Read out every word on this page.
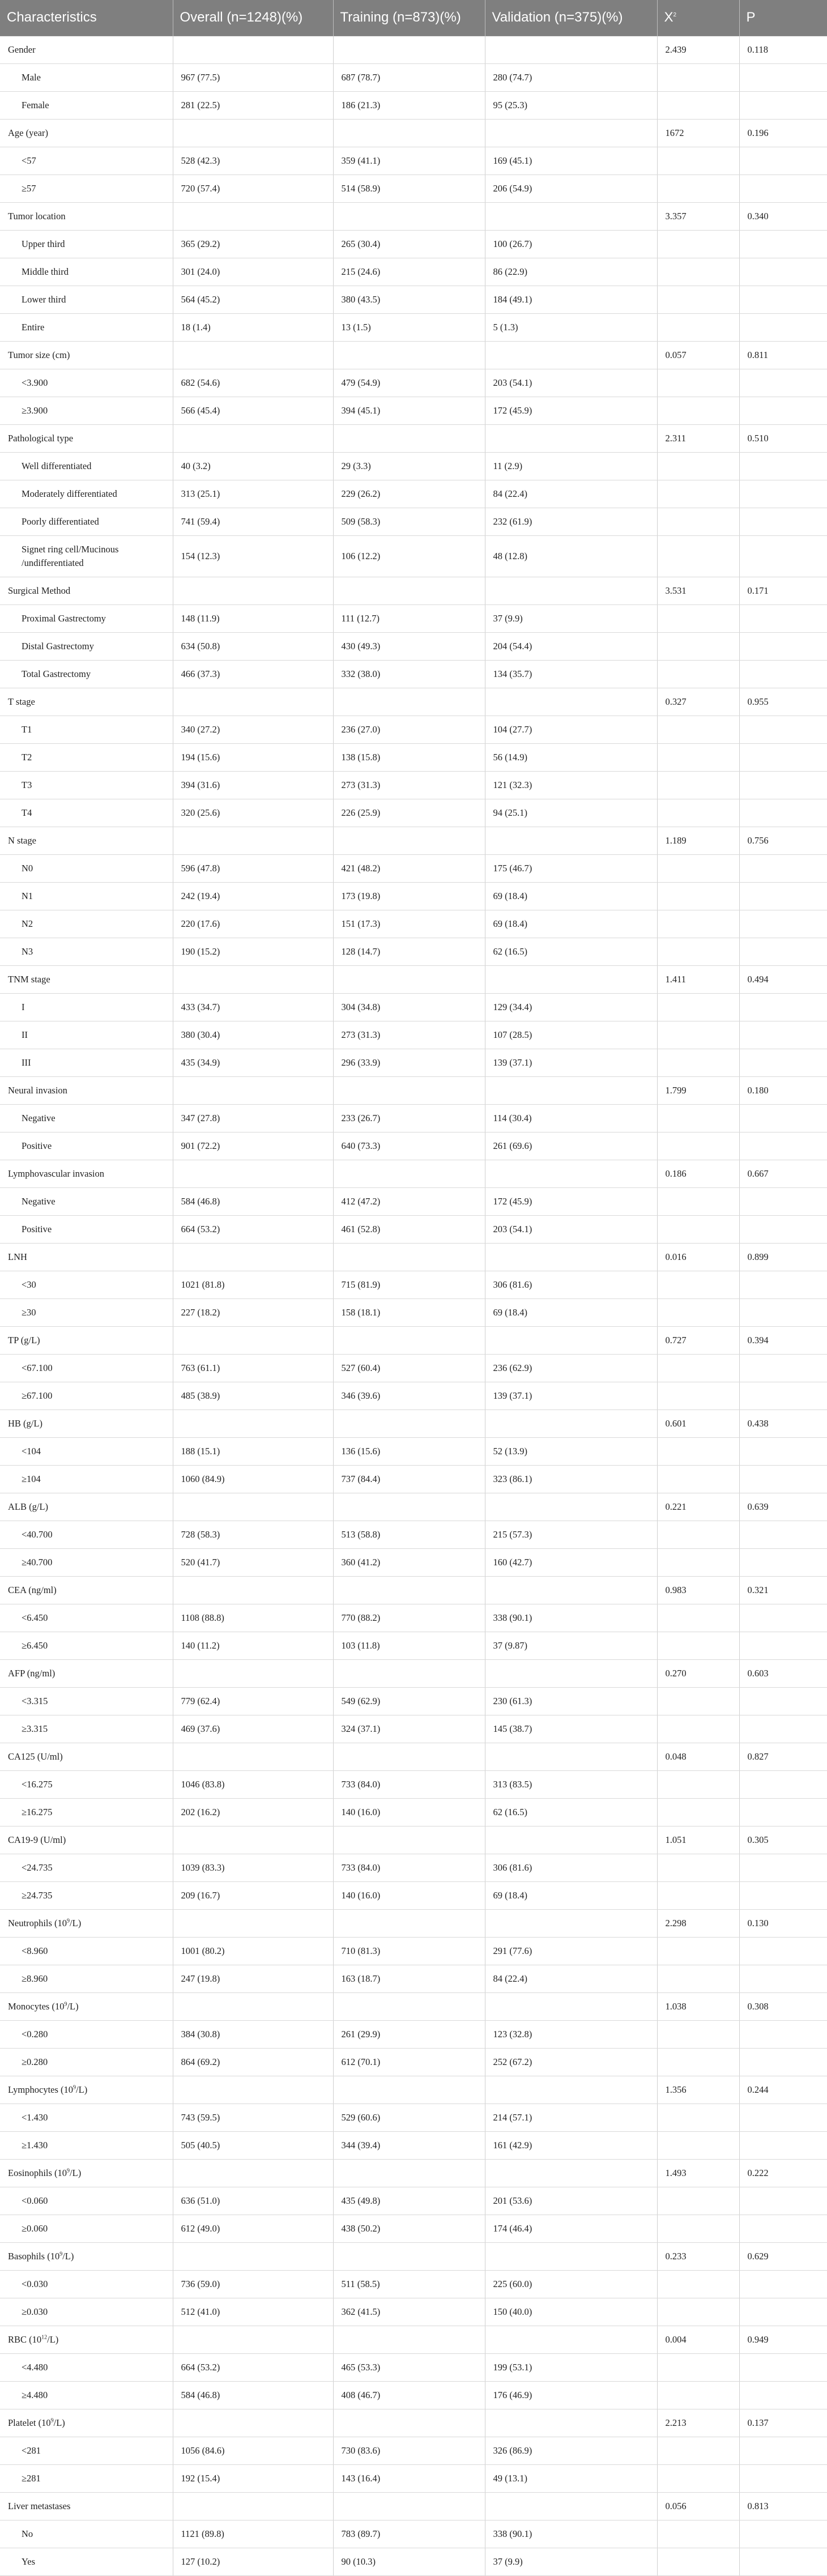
Characteristics	Overall (n=1248)(%)	Training (n=873)(%)	Validation (n=375)(%)	$X^2$	P
Gender				2.439	0.118
Male	967 (77.5)	687 (78.7)	280 (74.7)		
Female	281 (22.5)	186 (21.3)	95 (25.3)		
Age (year)				1672	0.196
<57	528 (42.3)	359 (41.1)	169 (45.1)		
≥57	720 (57.4)	514 (58.9)	206 (54.9)		
Tumor location				3.357	0.340
Upper third	365 (29.2)	265 (30.4)	100 (26.7)		
Middle third	301 (24.0)	215 (24.6)	86 (22.9)		
Lower third	564 (45.2)	380 (43.5)	184 (49.1)		
Entire	18 (1.4)	13 (1.5)	5 (1.3)		
Tumor size (cm)				0.057	0.811
<3.900	682 (54.6)	479 (54.9)	203 (54.1)		
≥3.900	566 (45.4)	394 (45.1)	172 (45.9)		
Pathological type				2.311	0.510
Well differentiated	40 (3.2)	29 (3.3)	11 (2.9)		
Moderately differentiated	313 (25.1)	229 (26.2)	84 (22.4)		
Poorly differentiated	741 (59.4)	509 (58.3)	232 (61.9)		
Signet ring cell/Mucinous /undifferentiated	154 (12.3)	106 (12.2)	48 (12.8)		
Surgical Method				3.531	0.171
Proximal Gastrectomy	148 (11.9)	111 (12.7)	37 (9.9)		
Distal Gastrectomy	634 (50.8)	430 (49.3)	204 (54.4)		
Total Gastrectomy	466 (37.3)	332 (38.0)	134 (35.7)		
T stage				0.327	0.955
T1	340 (27.2)	236 (27.0)	104 (27.7)		
T2	194 (15.6)	138 (15.8)	56 (14.9)		
T3	394 (31.6)	273 (31.3)	121 (32.3)		
T4	320 (25.6)	226 (25.9)	94 (25.1)		
N stage				1.189	0.756
N0	596 (47.8)	421 (48.2)	175 (46.7)		
N1	242 (19.4)	173 (19.8)	69 (18.4)		
N2	220 (17.6)	151 (17.3)	69 (18.4)		
N3	190 (15.2)	128 (14.7)	62 (16.5)		
TNM stage				1.411	0.494
I	433 (34.7)	304 (34.8)	129 (34.4)		
II	380 (30.4)	273 (31.3)	107 (28.5)		
III	435 (34.9)	296 (33.9)	139 (37.1)		
Neural invasion				1.799	0.180
Negative	347 (27.8)	233 (26.7)	114 (30.4)		
Positive	901 (72.2)	640 (73.3)	261 (69.6)		
Lymphovascular invasion				0.186	0.667
Negative	584 (46.8)	412 (47.2)	172 (45.9)		
Positive	664 (53.2)	461 (52.8)	203 (54.1)		
LNH				0.016	0.899
<30	1021 (81.8)	715 (81.9)	306 (81.6)		
≥30	227 (18.2)	158 (18.1)	69 (18.4)		
TP (g/L)				0.727	0.394
<67.100	763 (61.1)	527 (60.4)	236 (62.9)		
≥67.100	485 (38.9)	346 (39.6)	139 (37.1)		
HB (g/L)				0.601	0.438
<104	188 (15.1)	136 (15.6)	52 (13.9)		
≥104	1060 (84.9)	737 (84.4)	323 (86.1)		
ALB (g/L)				0.221	0.639
<40.700	728 (58.3)	513 (58.8)	215 (57.3)		
≥40.700	520 (41.7)	360 (41.2)	160 (42.7)		
CEA (ng/ml)				0.983	0.321
<6.450	1108 (88.8)	770 (88.2)	338 (90.1)		
≥6.450	140 (11.2)	103 (11.8)	37 (9.87)		
AFP (ng/ml)				0.270	0.603
<3.315	779 (62.4)	549 (62.9)	230 (61.3)		
≥3.315	469 (37.6)	324 (37.1)	145 (38.7)		
CA125 (U/ml)				0.048	0.827
<16.275	1046 (83.8)	733 (84.0)	313 (83.5)		
≥16.275	202 (16.2)	140 (16.0)	62 (16.5)		
CA19-9 (U/ml)				1.051	0.305
<24.735	1039 (83.3)	733 (84.0)	306 (81.6)		
≥24.735	209 (16.7)	140 (16.0)	69 (18.4)		
Neutrophils $(10^9/L)$				2.298	0.130
<8.960	1001 (80.2)	710 (81.3)	291 (77.6)		
≥8.960	247 (19.8)	163 (18.7)	84 (22.4)		
Monocytes $(10^9/L)$				1.038	0.308
<0.280	384 (30.8)	261 (29.9)	123 (32.8)		
≥0.280	864 (69.2)	612 (70.1)	252 (67.2)		
Lymphocytes $(10^9/L)$				1.356	0.244
<1.430	743 (59.5)	529 (60.6)	214 (57.1)		
≥1.430	505 (40.5)	344 (39.4)	161 (42.9)		
Eosinophils $(10^9/L)$				1.493	0.222
<0.060	636 (51.0)	435 (49.8)	201 (53.6)		
≥0.060	612 (49.0)	438 (50.2)	174 (46.4)		
Basophils $(10^9/L)$				0.233	0.629
<0.030	736 (59.0)	511 (58.5)	225 (60.0)		
≥0.030	512 (41.0)	362 (41.5)	150 (40.0)		
RBC $(10^{12}/L)$				0.004	0.949
<4.480	664 (53.2)	465 (53.3)	199 (53.1)		
≥4.480	584 (46.8)	408 (46.7)	176 (46.9)		
Platelet $(10^9/L)$				2.213	0.137
<281	1056 (84.6)	730 (83.6)	326 (86.9)		
≥281	192 (15.4)	143 (16.4)	49 (13.1)		
Liver metastases				0.056	0.813
No	1121 (89.8)	783 (89.7)	338 (90.1)		
Yes	127 (10.2)	90 (10.3)	37 (9.9)		
